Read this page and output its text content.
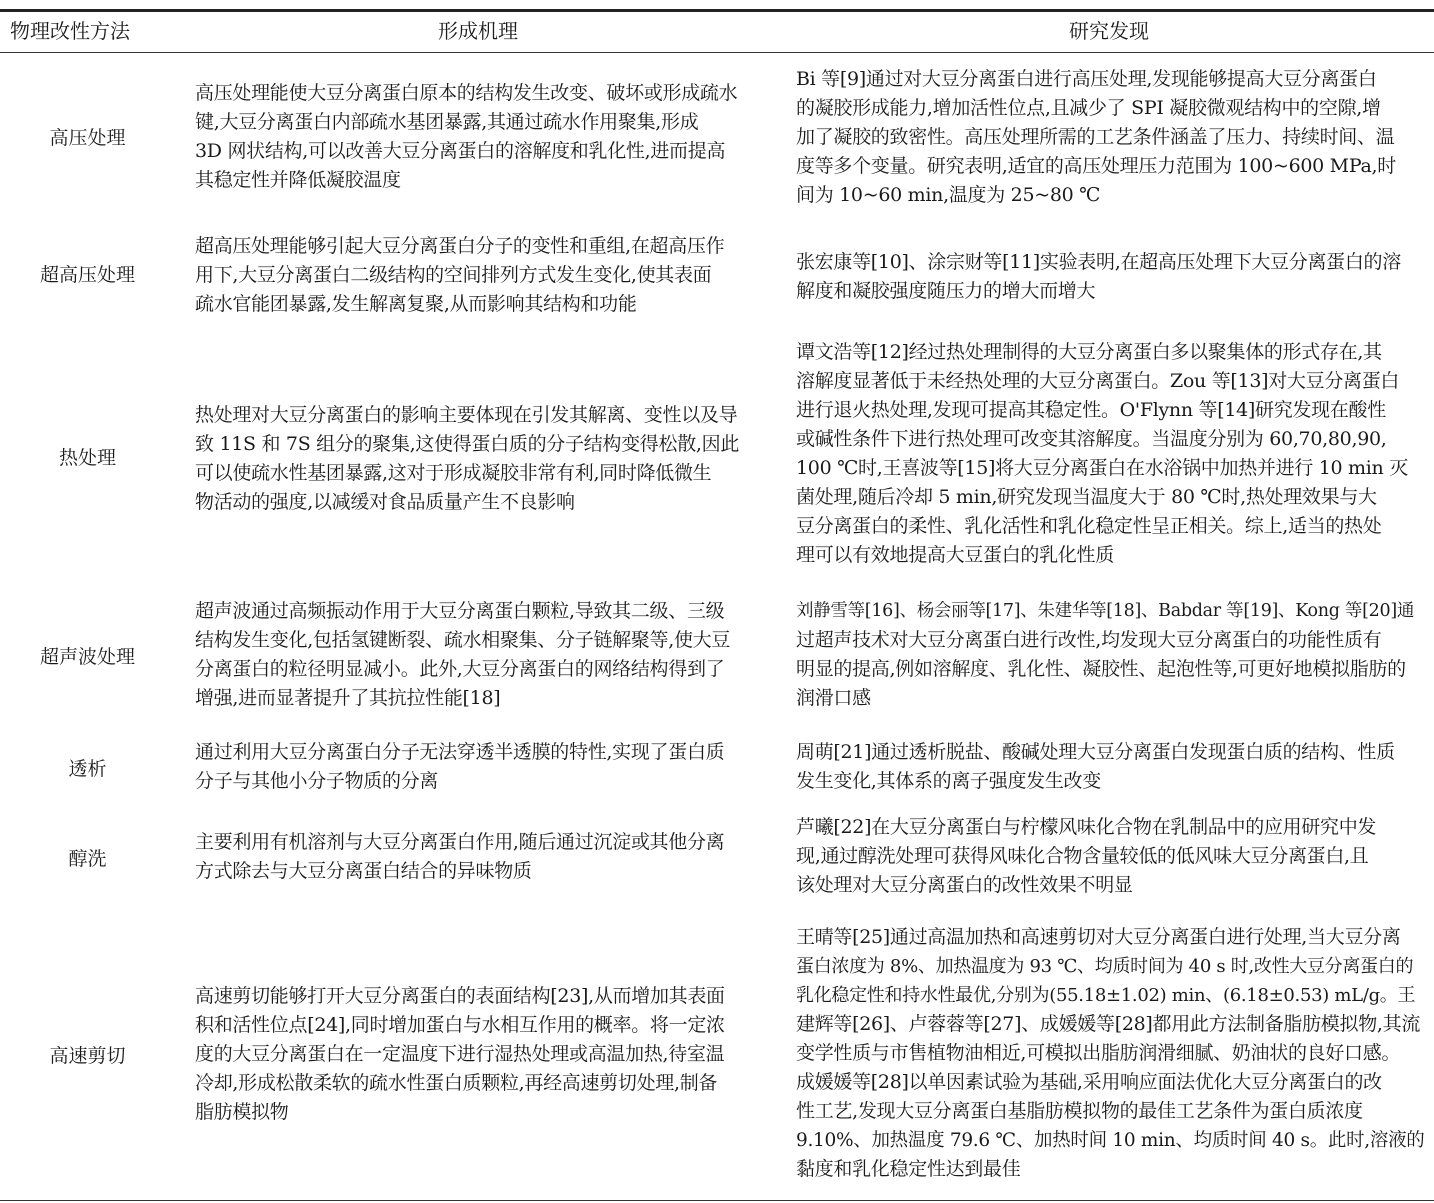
物理改性方法	形成机理	研究发现
高压处理
高压处理能使大豆分离蛋白原本的结构发生改变、破坏或形成疏水
键,大豆分离蛋白内部疏水基团暴露,其通过疏水作用聚集,形成
3D 网状结构,可以改善大豆分离蛋白的溶解度和乳化性,进而提高
其稳定性并降低凝胶温度
Bi 等[9]通过对大豆分离蛋白进行高压处理,发现能够提高大豆分离蛋白
的凝胶形成能力,增加活性位点,且减少了 SPI 凝胶微观结构中的空隙,增
加了凝胶的致密性。高压处理所需的工艺条件涵盖了压力、持续时间、温
度等多个变量。研究表明,适宜的高压处理压力范围为 100~600 MPa,时
间为 10~60 min,温度为 25~80 ℃
超高压处理
超高压处理能够引起大豆分离蛋白分子的变性和重组,在超高压作
用下,大豆分离蛋白二级结构的空间排列方式发生变化,使其表面
疏水官能团暴露,发生解离复聚,从而影响其结构和功能
张宏康等[10]、涂宗财等[11]实验表明,在超高压处理下大豆分离蛋白的溶
解度和凝胶强度随压力的增大而增大
热处理
热处理对大豆分离蛋白的影响主要体现在引发其解离、变性以及导
致 11S 和 7S 组分的聚集,这使得蛋白质的分子结构变得松散,因此
可以使疏水性基团暴露,这对于形成凝胶非常有利,同时降低微生
物活动的强度,以减缓对食品质量产生不良影响
谭文浩等[12]经过热处理制得的大豆分离蛋白多以聚集体的形式存在,其
溶解度显著低于未经热处理的大豆分离蛋白。Zou 等[13]对大豆分离蛋白
进行退火热处理,发现可提高其稳定性。O'Flynn 等[14]研究发现在酸性
或碱性条件下进行热处理可改变其溶解度。当温度分别为 60,70,80,90,
100 ℃时,王喜波等[15]将大豆分离蛋白在水浴锅中加热并进行 10 min 灭
菌处理,随后冷却 5 min,研究发现当温度大于 80 ℃时,热处理效果与大
豆分离蛋白的柔性、乳化活性和乳化稳定性呈正相关。综上,适当的热处
理可以有效地提高大豆蛋白的乳化性质
超声波处理
超声波通过高频振动作用于大豆分离蛋白颗粒,导致其二级、三级
结构发生变化,包括氢键断裂、疏水相聚集、分子链解聚等,使大豆
分离蛋白的粒径明显减小。此外,大豆分离蛋白的网络结构得到了
增强,进而显著提升了其抗拉性能[18]
刘静雪等[16]、杨会丽等[17]、朱建华等[18]、Babdar 等[19]、Kong 等[20]通
过超声技术对大豆分离蛋白进行改性,均发现大豆分离蛋白的功能性质有
明显的提高,例如溶解度、乳化性、凝胶性、起泡性等,可更好地模拟脂肪的
润滑口感
透析
通过利用大豆分离蛋白分子无法穿透半透膜的特性,实现了蛋白质
分子与其他小分子物质的分离
周萌[21]通过透析脱盐、酸碱处理大豆分离蛋白发现蛋白质的结构、性质
发生变化,其体系的离子强度发生改变
醇洗
主要利用有机溶剂与大豆分离蛋白作用,随后通过沉淀或其他分离
方式除去与大豆分离蛋白结合的异味物质
芦曦[22]在大豆分离蛋白与柠檬风味化合物在乳制品中的应用研究中发
现,通过醇洗处理可获得风味化合物含量较低的低风味大豆分离蛋白,且
该处理对大豆分离蛋白的改性效果不明显
高速剪切
高速剪切能够打开大豆分离蛋白的表面结构[23],从而增加其表面
积和活性位点[24],同时增加蛋白与水相互作用的概率。将一定浓
度的大豆分离蛋白在一定温度下进行湿热处理或高温加热,待室温
冷却,形成松散柔软的疏水性蛋白质颗粒,再经高速剪切处理,制备
脂肪模拟物
王晴等[25]通过高温加热和高速剪切对大豆分离蛋白进行处理,当大豆分离
蛋白浓度为 8%、加热温度为 93 ℃、均质时间为 40 s 时,改性大豆分离蛋白的
乳化稳定性和持水性最优,分别为(55.18±1.02) min、(6.18±0.53) mL/g。王
建辉等[26]、卢蓉蓉等[27]、成媛媛等[28]都用此方法制备脂肪模拟物,其流
变学性质与市售植物油相近,可模拟出脂肪润滑细腻、奶油状的良好口感。
成媛媛等[28]以单因素试验为基础,采用响应面法优化大豆分离蛋白的改
性工艺,发现大豆分离蛋白基脂肪模拟物的最佳工艺条件为蛋白质浓度
9.10%、加热温度 79.6 ℃、加热时间 10 min、均质时间 40 s。此时,溶液的
黏度和乳化稳定性达到最佳
